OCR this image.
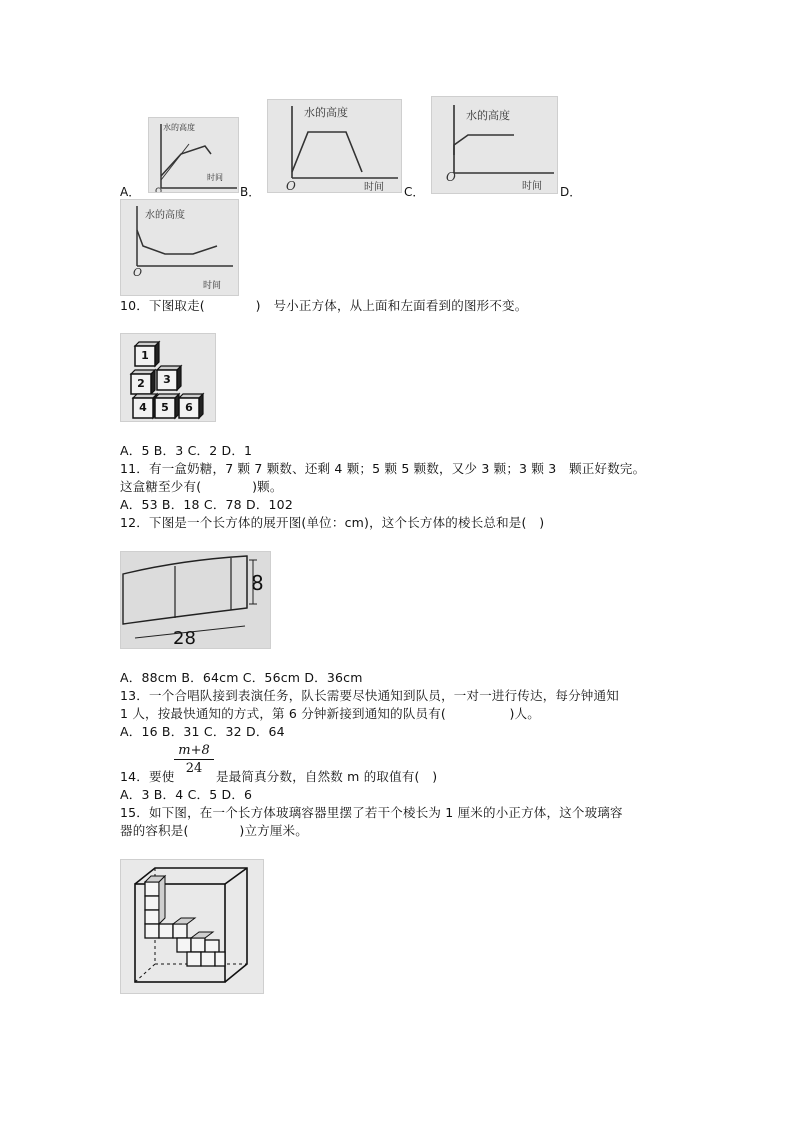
A．
水的高度
时间
O	B．
水的高度
时间
O	C．
水的高度
时间
O
D．
水的高度
时间
O
10．下图取走(　　　　)　号小正方体，从上面和左面看到的图形不变。
1
2 3
4 5 6
A．5 B．3 C．2 D．1
11．有一盒奶糖，7 颗 7 颗数、还剩 4 颗；5 颗 5 颗数，又少 3 颗；3 颗 3　颗正好数完。
这盒糖至少有(　　　　)颗。
A．53 B．18 C．78 D．102
12．下图是一个长方体的展开图(单位：cm)，这个长方体的棱长总和是(　)
8
28
A．88cm B．64cm C．56cm D．36cm
13．一个合唱队接到表演任务，队长需要尽快通知到队员，一对一进行传达，每分钟通知
1 人，按最快通知的方式，第 6 分钟新接到通知的队员有(　　　　　)人。
A．16 B．31 C．32 D．64
14．要使
m+8
24
是最简真分数，自然数 m 的取值有(　)
A．3 B．4 C．5 D．6
15．如下图，在一个长方体玻璃容器里摆了若干个棱长为 1 厘米的小正方体，这个玻璃容
器的容积是(　　　　)立方厘米。
